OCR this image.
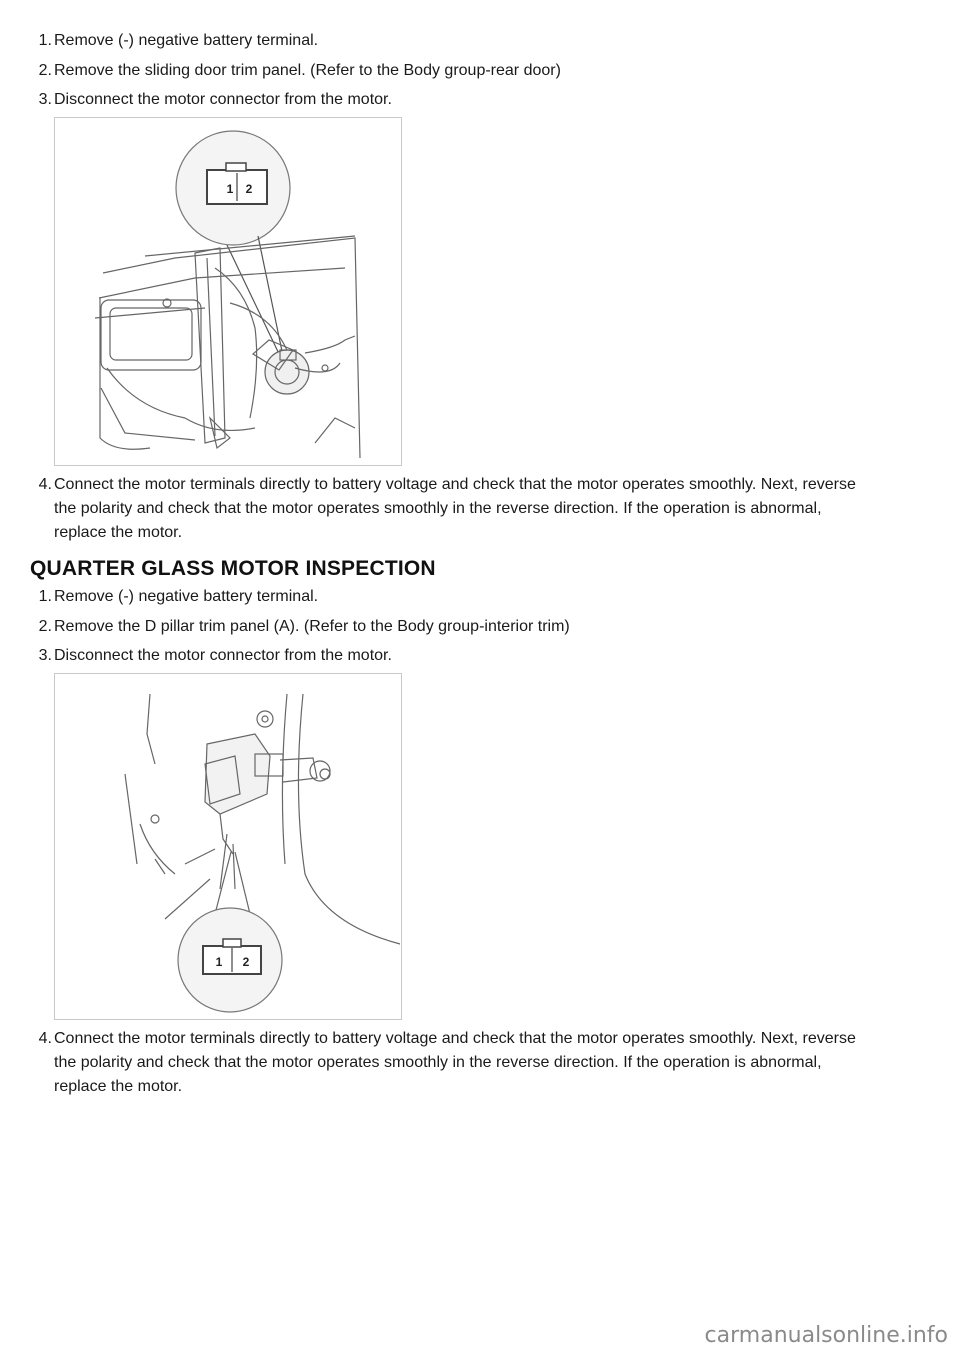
1. Remove (-) negative battery terminal.
2. Remove the sliding door trim panel. (Refer to the Body group-rear door)
3. Disconnect the motor connector from the motor.
1 2
4. Connect the motor terminals directly to battery voltage and check that the motor operates smoothly. Next, reverse
the polarity and check that the motor operates smoothly in the reverse direction. If the operation is abnormal,
replace the motor.
QUARTER GLASS MOTOR INSPECTION
1. Remove (-) negative battery terminal.
2. Remove the D pillar trim panel (A). (Refer to the Body group-interior trim)
3. Disconnect the motor connector from the motor.
1 2
4. Connect the motor terminals directly to battery voltage and check that the motor operates smoothly. Next, reverse
the polarity and check that the motor operates smoothly in the reverse direction. If the operation is abnormal,
replace the motor.
carmanualsonline.info
